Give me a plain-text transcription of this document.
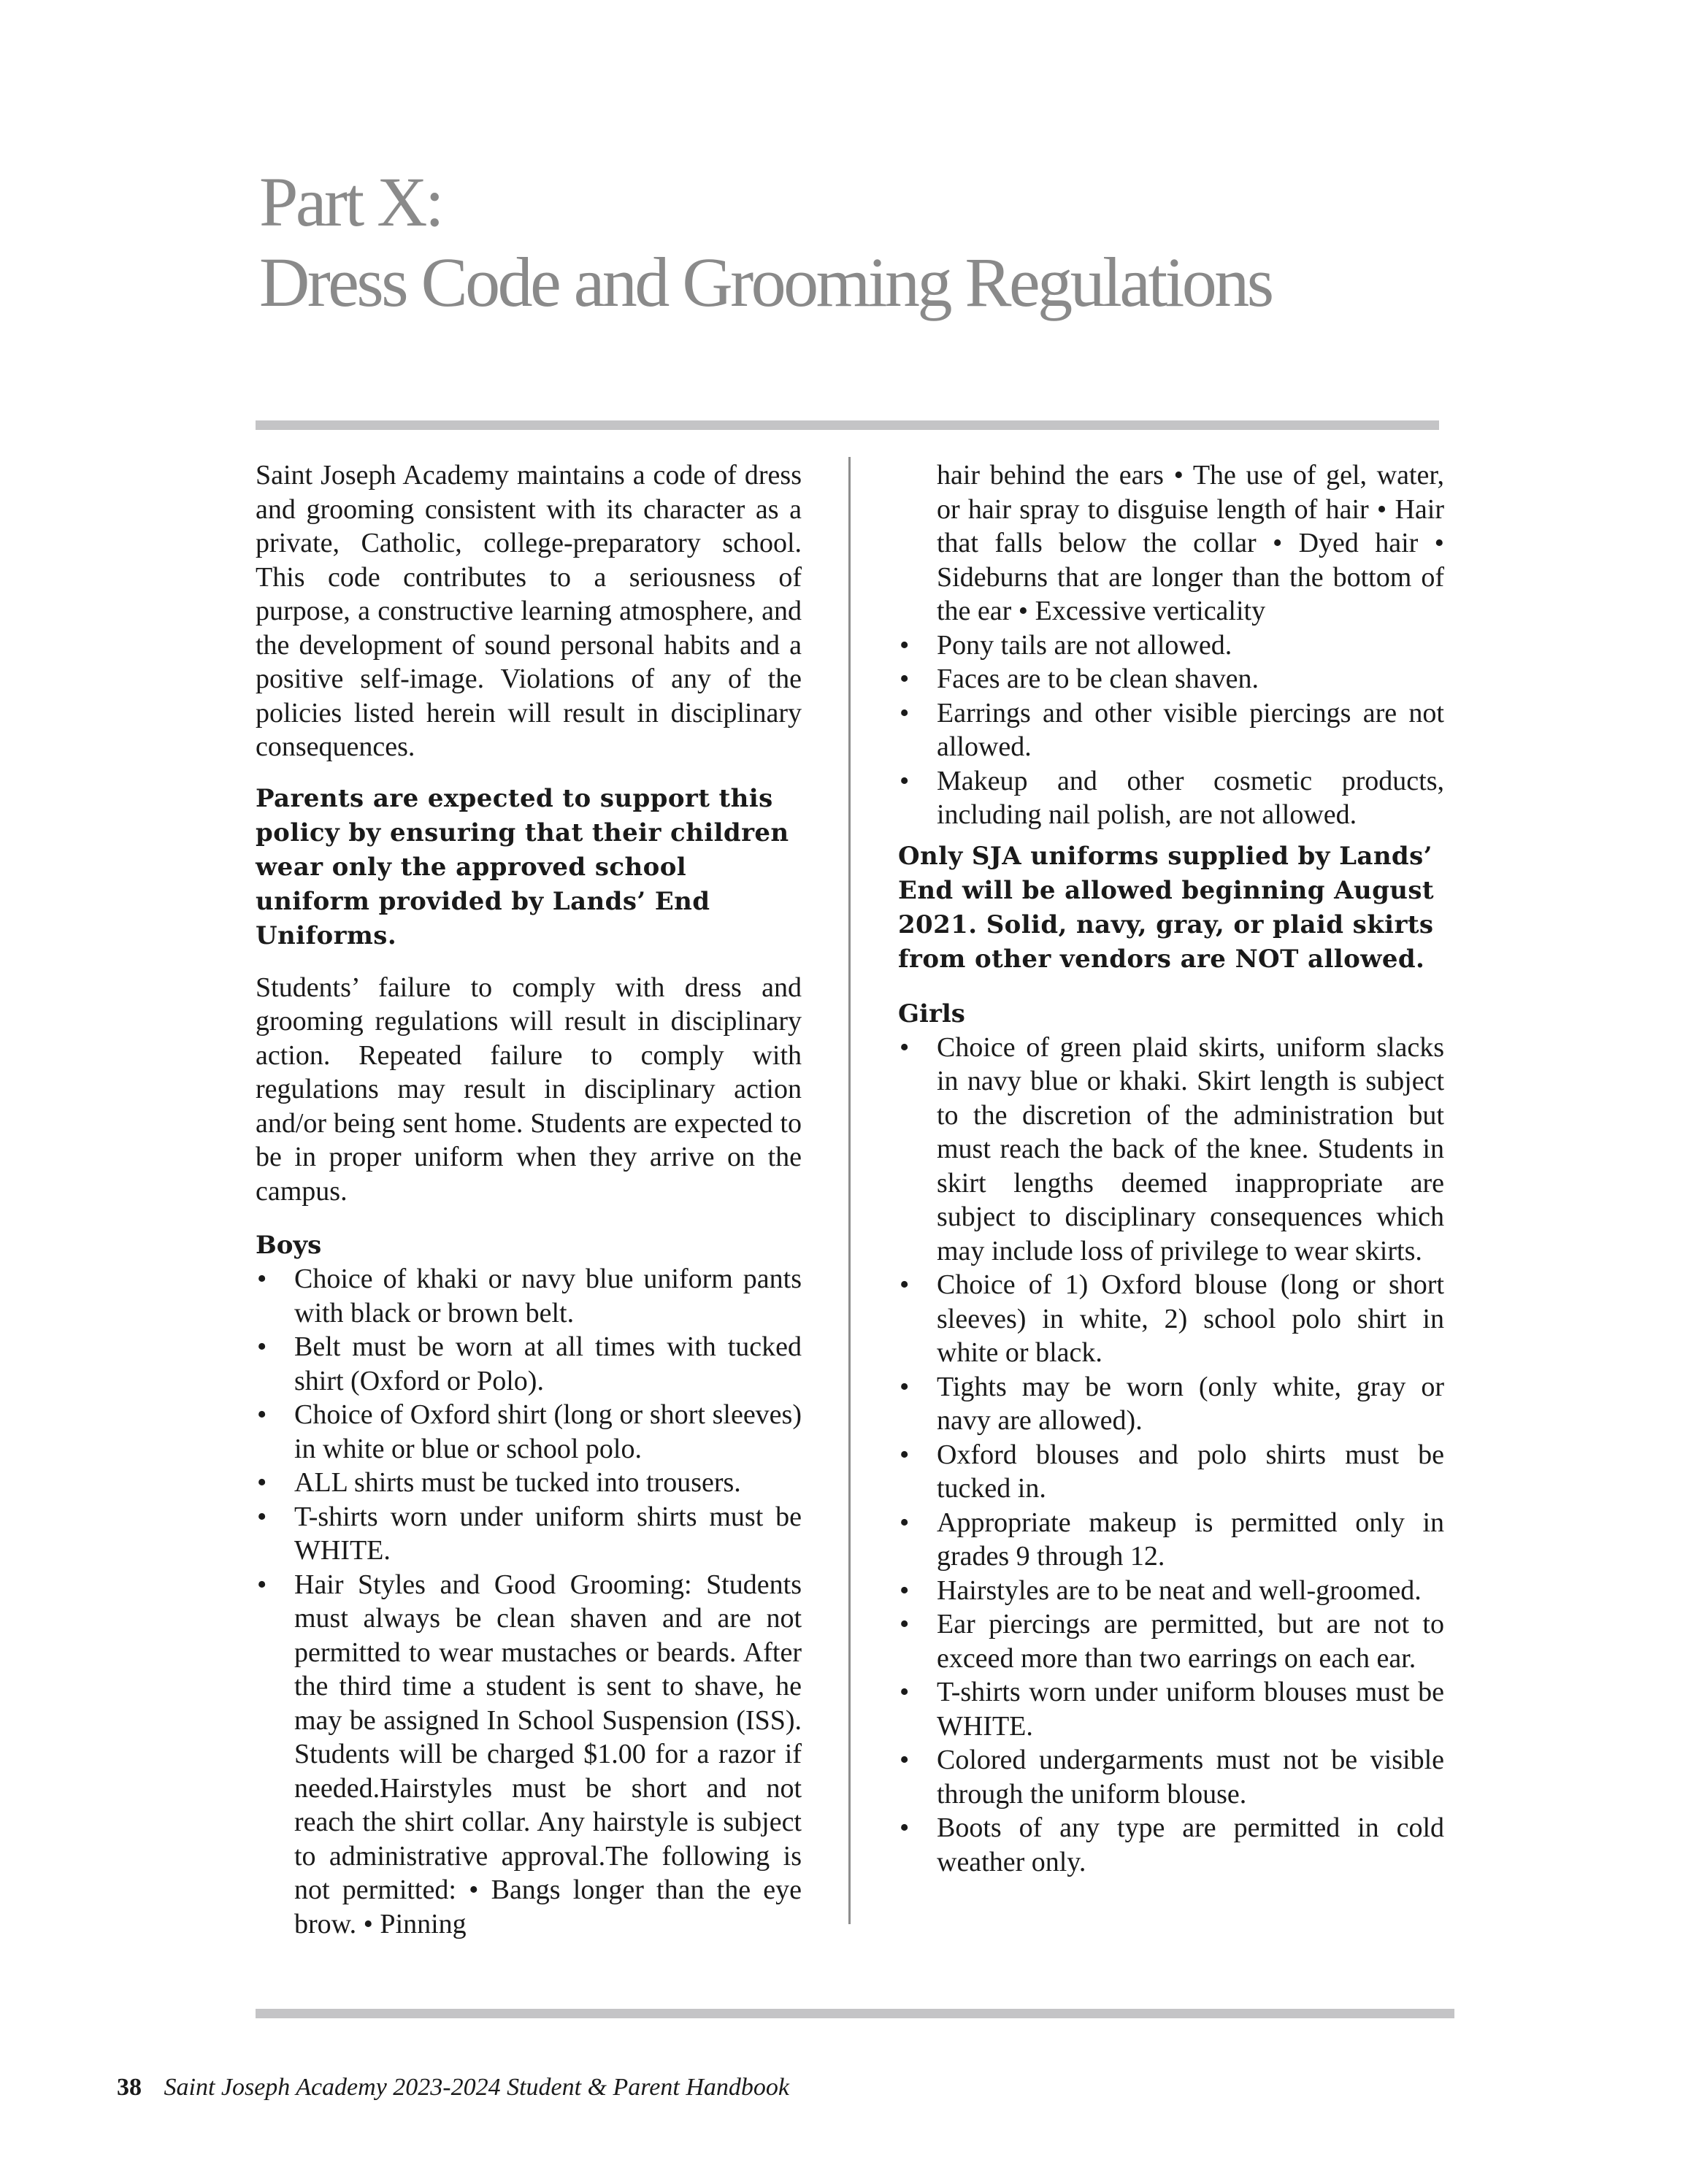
Part X:
Dress Code and Grooming Regulations

Saint Joseph Academy maintains a code of dress and grooming consistent with its character as a private, Catholic, college-preparatory school. This code contributes to a seriousness of purpose, a constructive learning atmosphere, and the development of sound personal habits and a positive self-image. Violations of any of the policies listed herein will result in disciplinary consequences.

Parents are expected to support this policy by ensuring that their children wear only the approved school uniform provided by Lands’ End Uniforms.

Students’ failure to comply with dress and grooming regulations will result in disciplinary action. Repeated failure to comply with regulations may result in disciplinary action and/or being sent home. Students are expected to be in proper uniform when they arrive on the campus.

Boys
• Choice of khaki or navy blue uniform pants with black or brown belt.
• Belt must be worn at all times with tucked shirt (Oxford or Polo).
• Choice of Oxford shirt (long or short sleeves) in white or blue or school polo.
• ALL shirts must be tucked into trousers.
• T-shirts worn under uniform shirts must be WHITE.
• Hair Styles and Good Grooming: Students must always be clean shaven and are not permitted to wear mustaches or beards. After the third time a student is sent to shave, he may be assigned In School Suspension (ISS). Students will be charged $1.00 for a razor if needed.Hairstyles must be short and not reach the shirt collar. Any hairstyle is subject to administrative approval.The following is not permitted: • Bangs longer than the eye brow. • Pinning
hair behind the ears • The use of gel, water, or hair spray to disguise length of hair • Hair that falls below the collar • Dyed hair • Sideburns that are longer than the bottom of the ear • Excessive verticality
• Pony tails are not allowed.
• Faces are to be clean shaven.
• Earrings and other visible piercings are not allowed.
• Makeup and other cosmetic products, including nail polish, are not allowed.

Only SJA uniforms supplied by Lands’ End will be allowed beginning August 2021. Solid, navy, gray, or plaid skirts from other vendors are NOT allowed.

Girls
• Choice of green plaid skirts, uniform slacks in navy blue or khaki. Skirt length is subject to the discretion of the administration but must reach the back of the knee. Students in skirt lengths deemed inappropriate are subject to disciplinary consequences which may include loss of privilege to wear skirts.
• Choice of 1) Oxford blouse (long or short sleeves) in white, 2) school polo shirt in white or black.
• Tights may be worn (only white, gray or navy are allowed).
• Oxford blouses and polo shirts must be tucked in.
• Appropriate makeup is permitted only in grades 9 through 12.
• Hairstyles are to be neat and well-groomed.
• Ear piercings are permitted, but are not to exceed more than two earrings on each ear.
• T-shirts worn under uniform blouses must be WHITE.
• Colored undergarments must not be visible through the uniform blouse.
• Boots of any type are permitted in cold weather only.
38 Saint Joseph Academy 2023-2024 Student & Parent Handbook
